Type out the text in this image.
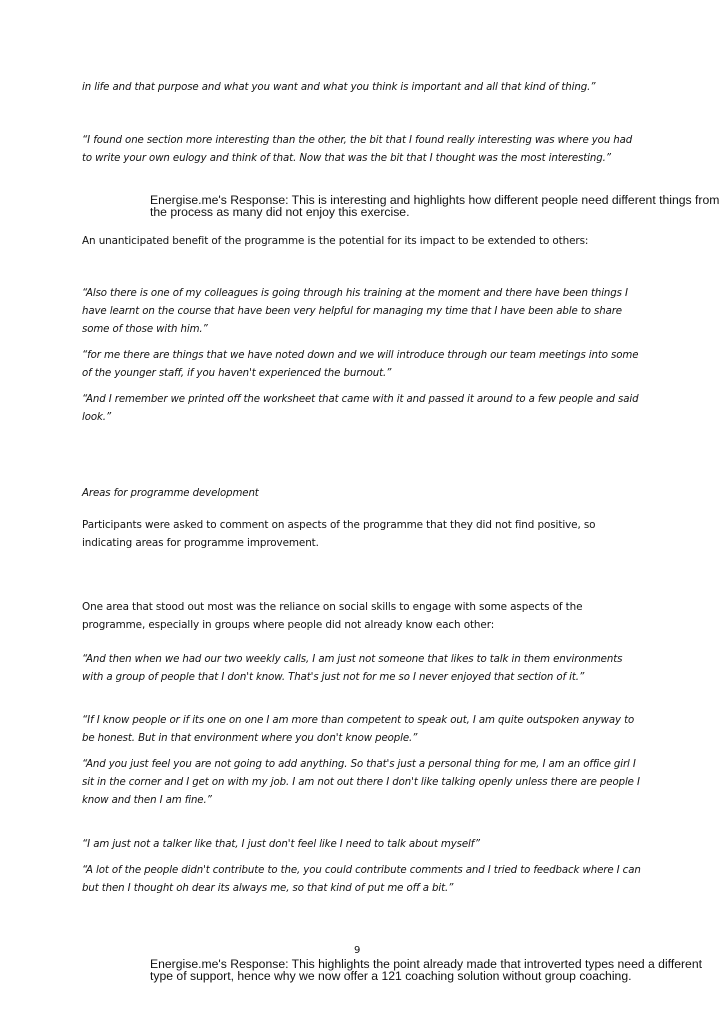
in life and that purpose and what you want and what you think is important and all that kind of thing.”

“I found one section more interesting than the other, the bit that I found really interesting was where you had to write your own eulogy and think of that. Now that was the bit that I thought was the most interesting.”

Energise.me's Response: This is interesting and highlights how different people need different things from the process as many did not enjoy this exercise.

An unanticipated benefit of the programme is the potential for its impact to be extended to others:

“Also there is one of my colleagues is going through his training at the moment and there have been things I have learnt on the course that have been very helpful for managing my time that I have been able to share some of those with him.”

“for me there are things that we have noted down and we will introduce through our team meetings into some of the younger staff, if you haven't experienced the burnout.”

“And I remember we printed off the worksheet that came with it and passed it around to a few people and said look.”

Areas for programme development

Participants were asked to comment on aspects of the programme that they did not find positive, so indicating areas for programme improvement.

One area that stood out most was the reliance on social skills to engage with some aspects of the programme, especially in groups where people did not already know each other:

“And then when we had our two weekly calls, I am just not someone that likes to talk in them environments with a group of people that I don't know. That's just not for me so I never enjoyed that section of it.”

“If I know people or if its one on one I am more than competent to speak out, I am quite outspoken anyway to be honest. But in that environment where you don't know people.”

“And you just feel you are not going to add anything. So that's just a personal thing for me, I am an office girl I sit in the corner and I get on with my job. I am not out there I don't like talking openly unless there are people I know and then I am fine.”

“I am just not a talker like that, I just don't feel like I need to talk about myself”

“A lot of the people didn't contribute to the, you could contribute comments and I tried to feedback where I can but then I thought oh dear its always me, so that kind of put me off a bit.”

9

Energise.me's Response: This highlights the point already made that introverted types need a different type of support, hence why we now offer a 121 coaching solution without group coaching.
